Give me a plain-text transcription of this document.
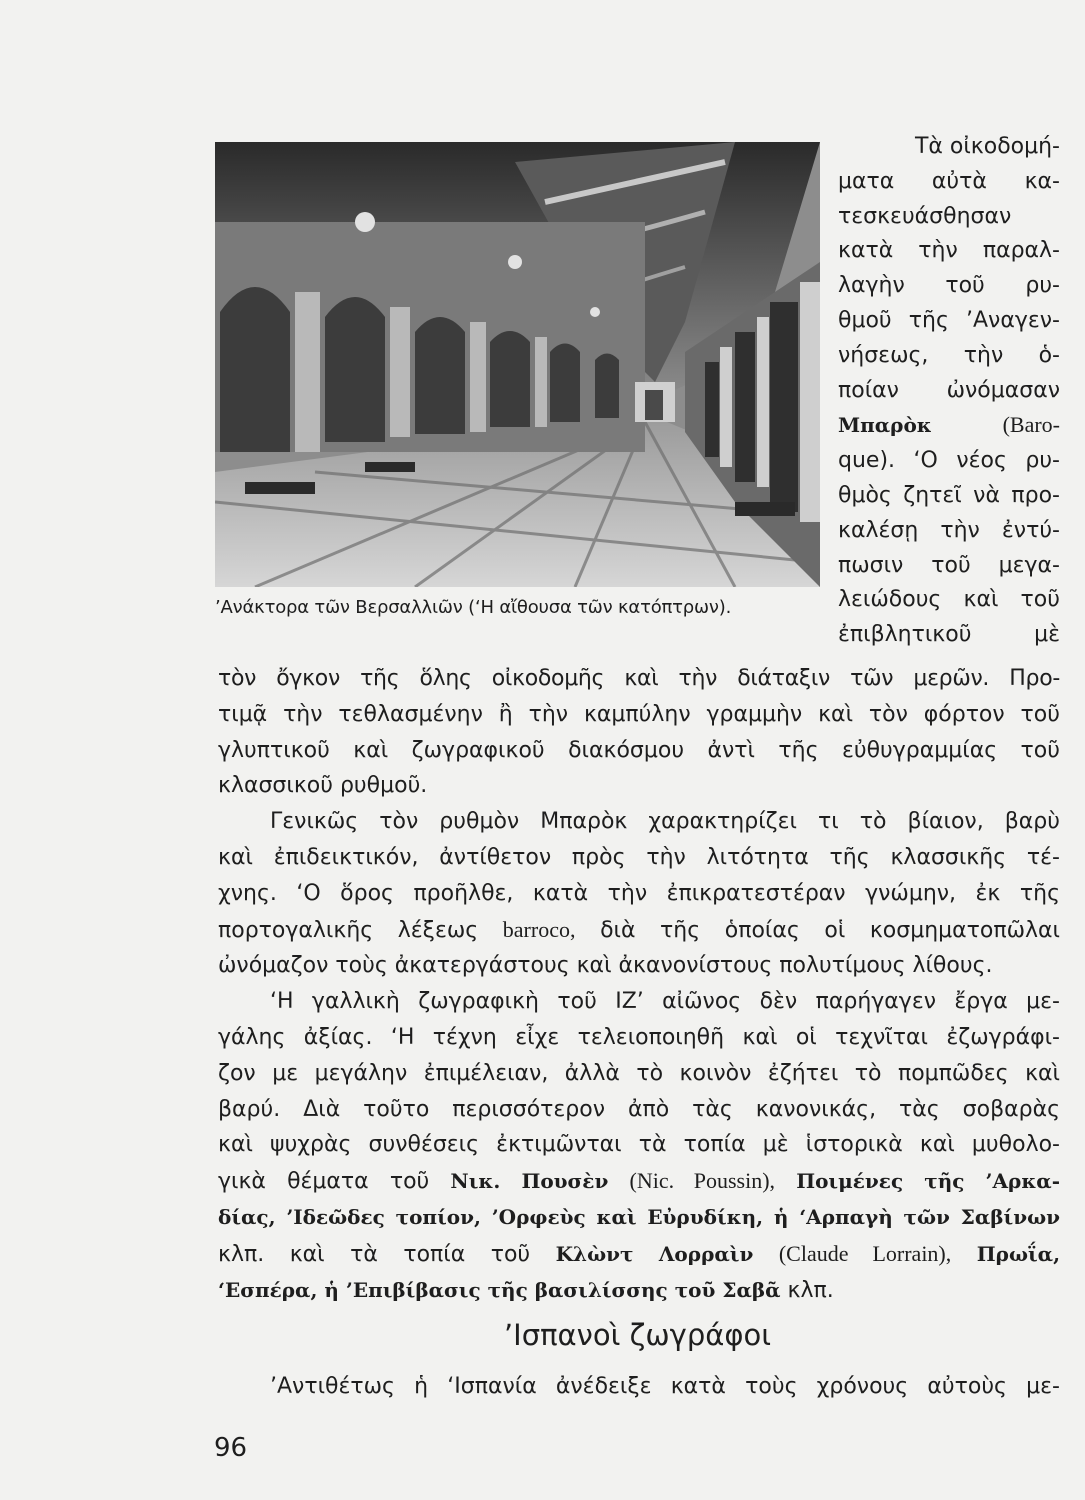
’Ανάκτορα τῶν Βερσαλλιῶν (‘Η αἴθουσα τῶν κατόπτρων).
Τὰ οἰκοδομή-
ματα αὐτὰ κα-
τεσκευάσθησαν
κατὰ τὴν παραλ-
λαγὴν τοῦ ρυ-
θμοῦ τῆς ’Αναγεν-
νήσεως, τὴν ὁ-
ποίαν ὠνόμασαν
Μπαρὸκ	(Baro-
que). ‘Ο νέος ρυ-
θμὸς ζητεῖ νὰ προ-
καλέσῃ τὴν ἐντύ-
πωσιν τοῦ μεγα-
λειώδους καὶ τοῦ
ἐπιβλητικοῦ μὲ
τὸν ὄγκον τῆς ὅλης οἰκοδομῆς καὶ τὴν διάταξιν τῶν μερῶν. Προ-
τιμᾷ τὴν τεθλασμένην ἢ τὴν καμπύλην γραμμὴν καὶ τὸν φόρτον τοῦ
γλυπτικοῦ καὶ ζωγραφικοῦ διακόσμου ἀντὶ τῆς εὐθυγραμμίας τοῦ
κλασσικοῦ ρυθμοῦ.
Γενικῶς τὸν ρυθμὸν Μπαρὸκ χαρακτηρίζει τι τὸ βίαιον, βαρὺ
καὶ ἐπιδεικτικόν, ἀντίθετον πρὸς τὴν λιτότητα τῆς κλασσικῆς τέ-
χνης. ‘Ο ὅρος προῆλθε, κατὰ τὴν ἐπικρατεστέραν γνώμην, ἐκ τῆς
πορτογαλικῆς λέξεως barroco, διὰ τῆς ὁποίας οἱ κοσμηματοπῶλαι
ὠνόμαζον τοὺς ἀκατεργάστους καὶ ἀκανονίστους πολυτίμους λίθους.
‘Η γαλλικὴ ζωγραφικὴ τοῦ ΙΖ’ αἰῶνος δὲν παρήγαγεν ἔργα με-
γάλης ἀξίας. ‘Η τέχνη εἶχε τελειοποιηθῆ καὶ οἱ τεχνῖται ἐζωγράφι-
ζον με μεγάλην ἐπιμέλειαν, ἀλλὰ τὸ κοινὸν ἐζήτει τὸ πομπῶδες καὶ
βαρύ. Διὰ τοῦτο περισσότερον ἀπὸ τὰς κανονικάς, τὰς σοβαρὰς
καὶ ψυχρὰς συνθέσεις ἐκτιμῶνται τὰ τοπία μὲ ἱστορικὰ καὶ μυθολο-
γικὰ θέματα τοῦ Νικ. Πουσὲν (Nic. Poussin), Ποιμένες τῆς ’Αρκα-
δίας, ’Ιδεῶδες τοπίον, ’Ορφεὺς καὶ Εὐρυδίκη, ἡ ‘Αρπαγὴ τῶν Σαβίνων
κλπ. καὶ τὰ τοπία τοῦ Κλὼντ Λορραὶν (Claude Lorrain), Πρωΐα,
‘Εσπέρα, ἡ ’Επιβίβασις τῆς βασιλίσσης τοῦ Σαβᾶ κλπ.
’Ισπανοὶ ζωγράφοι
’Αντιθέτως ἡ ‘Ισπανία ἀνέδειξε κατὰ τοὺς χρόνους αὐτοὺς με-
96
